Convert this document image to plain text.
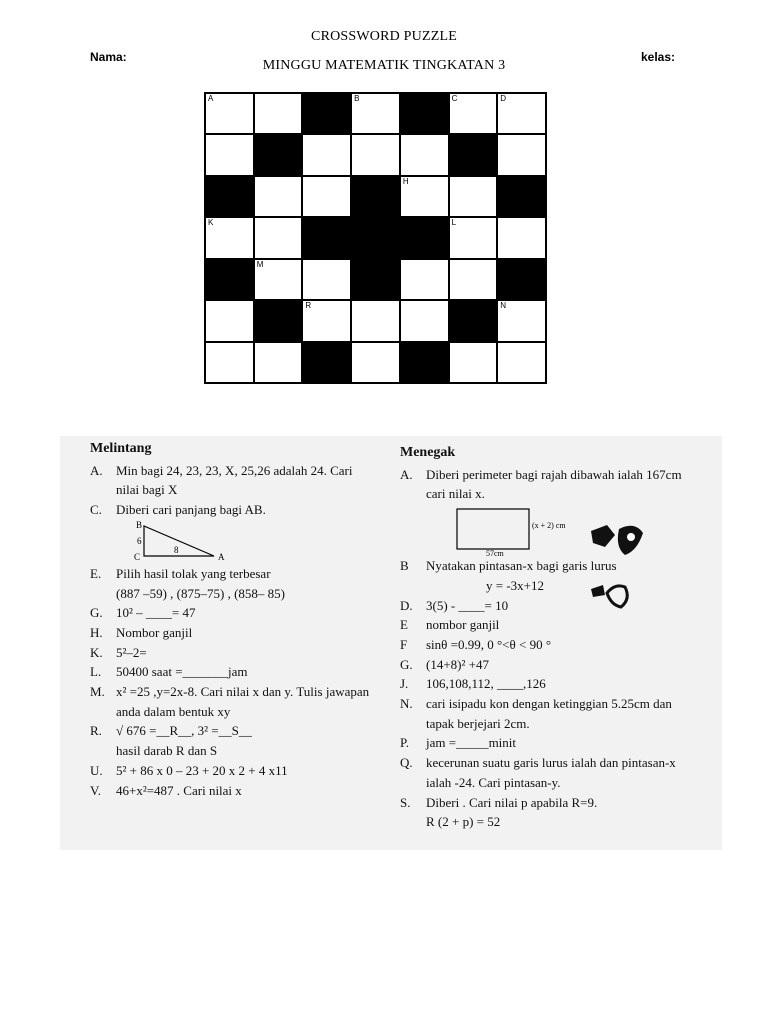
CROSSWORD PUZZLE
Nama:	kelas:
MINGGU MATEMATIK TINGKATAN 3
A	B	C	D
H
K	L
M
R	N
Melintang
A.	Min bagi 24, 23, 23, X, 25,26 adalah 24. Cari
nilai bagi X
C.	Diberi cari panjang bagi AB.
B
C	A
6
8
E.	Pilih hasil tolak yang terbesar
(887 –59) , (875–75) , (858– 85)
G.	10² – ____= 47
H.	Nombor ganjil
K.	5²–2=
L.	50400 saat =_______jam
M. x² =25 ,y=2x-8. Cari nilai x dan y. Tulis jawapan
anda dalam bentuk xy
R.	√ 676 =__R__, 3² =__S__
hasil darab R dan S
U.	5² + 86 x 0 – 23 + 20 x 2 + 4 x11
V.	46+x²=487 . Cari nilai x
Menegak
A.	Diberi perimeter bagi rajah dibawah ialah 167cm
cari nilai x.
(x + 2) cm
57cm
B	Nyatakan pintasan-x bagi garis lurus
y = -3x+12
D.	3(5) - ____= 10
E	nombor ganjil
F	sinθ =0.99, 0 °<θ < 90 °
G.	(14+8)² +47
J.	106,108,112, ____,126
N.	cari isipadu kon dengan ketinggian 5.25cm dan
tapak berjejari 2cm.
P.	jam =_____minit
Q.	kecerunan suatu garis lurus ialah dan pintasan-x
ialah -24. Cari pintasan-y.
S.	Diberi . Cari nilai p apabila R=9.
R (2 + p) = 52
